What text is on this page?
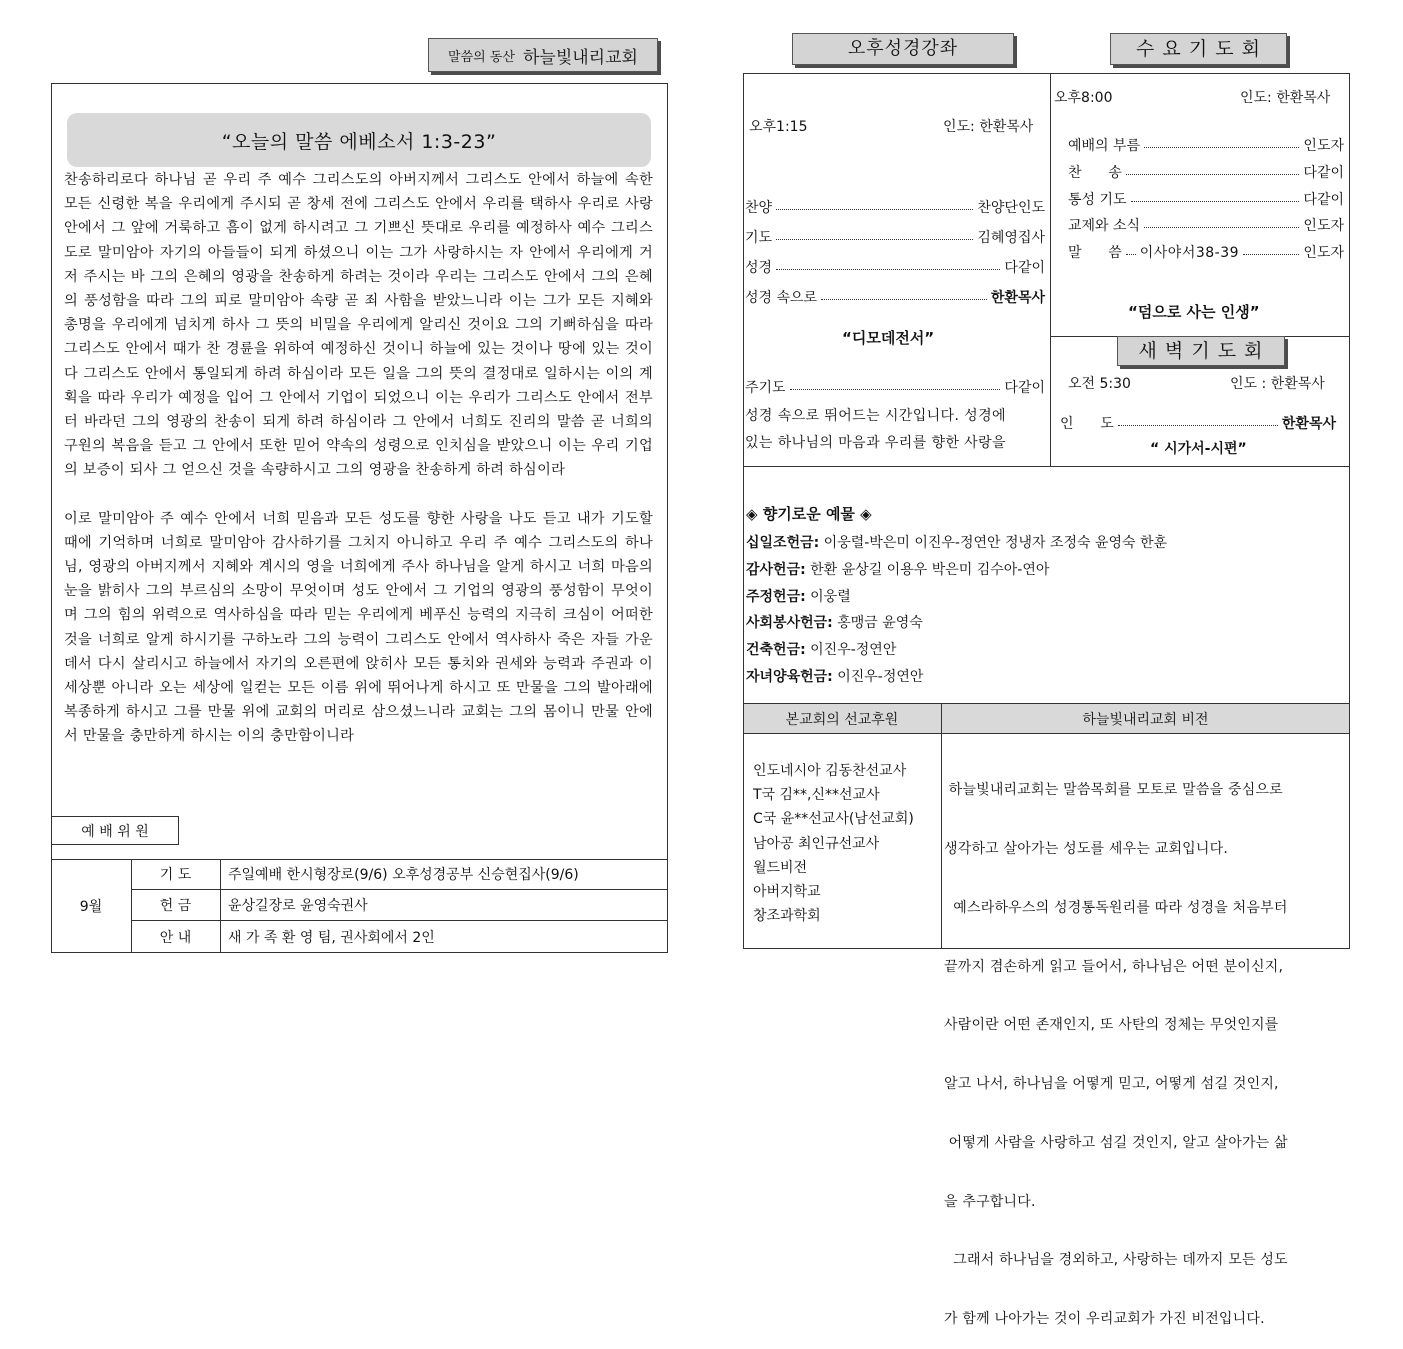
말씀의 동산 하늘빛내리교회
“오늘의 말씀 에베소서 1:3-23”

찬송하리로다 하나님 곧 우리 주 예수 그리스도의 아버지께서 그리스도 안에서 하늘에 속한 모든 신령한 복을 우리에게 주시되 곧 창세 전에 그리스도 안에서 우리를 택하사 우리로 사랑 안에서 그 앞에 거룩하고 흠이 없게 하시려고 그 기쁘신 뜻대로 우리를 예정하사 예수 그리스도로 말미암아 자기의 아들들이 되게 하셨으니 이는 그가 사랑하시는 자 안에서 우리에게 거저 주시는 바 그의 은혜의 영광을 찬송하게 하려는 것이라 우리는 그리스도 안에서 그의 은혜의 풍성함을 따라 그의 피로 말미암아 속량 곧 죄 사함을 받았느니라 이는 그가 모든 지혜와 총명을 우리에게 넘치게 하사 그 뜻의 비밀을 우리에게 알리신 것이요 그의 기뻐하심을 따라 그리스도 안에서 때가 찬 경륜을 위하여 예정하신 것이니 하늘에 있는 것이나 땅에 있는 것이 다 그리스도 안에서 통일되게 하려 하심이라 모든 일을 그의 뜻의 결정대로 일하시는 이의 계획을 따라 우리가 예정을 입어 그 안에서 기업이 되었으니 이는 우리가 그리스도 안에서 전부터 바라던 그의 영광의 찬송이 되게 하려 하심이라 그 안에서 너희도 진리의 말씀 곧 너희의 구원의 복음을 듣고 그 안에서 또한 믿어 약속의 성령으로 인치심을 받았으니 이는 우리 기업의 보증이 되사 그 얻으신 것을 속량하시고 그의 영광을 찬송하게 하려 하심이라

이로 말미암아 주 예수 안에서 너희 믿음과 모든 성도를 향한 사랑을 나도 듣고 내가 기도할 때에 기억하며 너희로 말미암아 감사하기를 그치지 아니하고 우리 주 예수 그리스도의 하나님, 영광의 아버지께서 지혜와 계시의 영을 너희에게 주사 하나님을 알게 하시고 너희 마음의 눈을 밝히사 그의 부르심의 소망이 무엇이며 성도 안에서 그 기업의 영광의 풍성함이 무엇이며 그의 힘의 위력으로 역사하심을 따라 믿는 우리에게 베푸신 능력의 지극히 크심이 어떠한 것을 너희로 알게 하시기를 구하노라 그의 능력이 그리스도 안에서 역사하사 죽은 자들 가운데서 다시 살리시고 하늘에서 자기의 오른편에 앉히사 모든 통치와 권세와 능력과 주권과 이 세상뿐 아니라 오는 세상에 일컫는 모든 이름 위에 뛰어나게 하시고 또 만물을 그의 발아래에 복종하게 하시고 그를 만물 위에 교회의 머리로 삼으셨느니라 교회는 그의 몸이니 만물 안에서 만물을 충만하게 하시는 이의 충만함이니라

예 배 위 원
9월
기 도	주일예배 한시형장로(9/6) 오후성경공부 신승현집사(9/6)
헌 금	윤상길장로 윤영숙권사
안 내	새 가 족 환 영 팀, 권사회에서 2인
오후성경강좌	수 요 기 도 회
오후1:15	인도: 한환목사
찬양	찬양단인도
기도	김혜영집사
성경	다같이
성경 속으로	한환목사
“디모데전서”
주기도	다같이
성경 속으로 뛰어드는 시간입니다. 성경에
있는 하나님의 마음과 우리를 향한 사랑을
오후8:00	인도: 한환목사
예배의 부름	인도자
찬      송	다같이
통성 기도	다같이
교제와 소식	인도자
말      씀 이사야서38-39	인도자
“덤으로 사는 인생”
새 벽 기 도 회
오전 5:30	인도 : 한환목사
인      도	한환목사
“ 시가서-시편”
◈ 향기로운 예물 ◈
십일조헌금: 이웅렬-박은미 이진우-정연안 정냉자 조정숙 윤영숙 한훈
감사헌금: 한환 윤상길 이용우 박은미 김수아-연아
주정헌금: 이웅렬
사회봉사헌금: 홍맹금 윤영숙
건축헌금: 이진우-정연안
자녀양육헌금: 이진우-정연안
본교회의 선교후원	하늘빛내리교회 비전
인도네시아 김동찬선교사
T국 김**,신**선교사
C국 윤**선교사(남선교회)
남아공 최인규선교사
월드비전
아버지학교
창조과학회

하늘빛내리교회는 말씀목회를 모토로 말씀을 중심으로

생각하고 살아가는 성도를 세우는 교회입니다.

예스라하우스의 성경통독원리를 따라 성경을 처음부터

끝까지 겸손하게 읽고 들어서, 하나님은 어떤 분이신지,

사람이란 어떤 존재인지, 또 사탄의 정체는 무엇인지를

알고 나서, 하나님을 어떻게 믿고, 어떻게 섬길 것인지,

어떻게 사람을 사랑하고 섬길 것인지, 알고 살아가는 삶

을 추구합니다.

그래서 하나님을 경외하고, 사랑하는 데까지 모든 성도

가 함께 나아가는 것이 우리교회가 가진 비전입니다.
